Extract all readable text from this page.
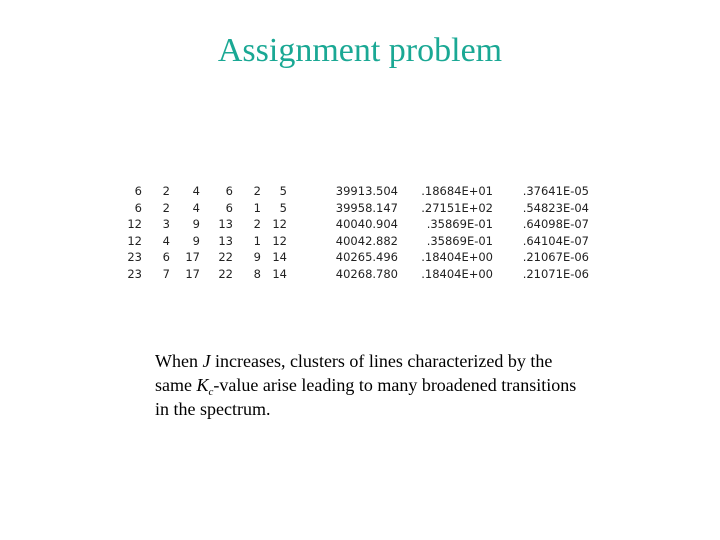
Assignment problem
6	2	4	6	2	5	39913.504	.18684E+01	.37641E-05
6	2	4	6	1	5	39958.147	.27151E+02	.54823E-04
12	3	9	13	2	12	40040.904	.35869E-01	.64098E-07
12	4	9	13	1	12	40042.882	.35869E-01	.64104E-07
23	6	17	22	9	14	40265.496	.18404E+00	.21067E-06
23	7	17	22	8	14	40268.780	.18404E+00	.21071E-06
When J increases, clusters of lines characterized by the same $K_c$-value arise leading to many broadened transitions in the spectrum.
